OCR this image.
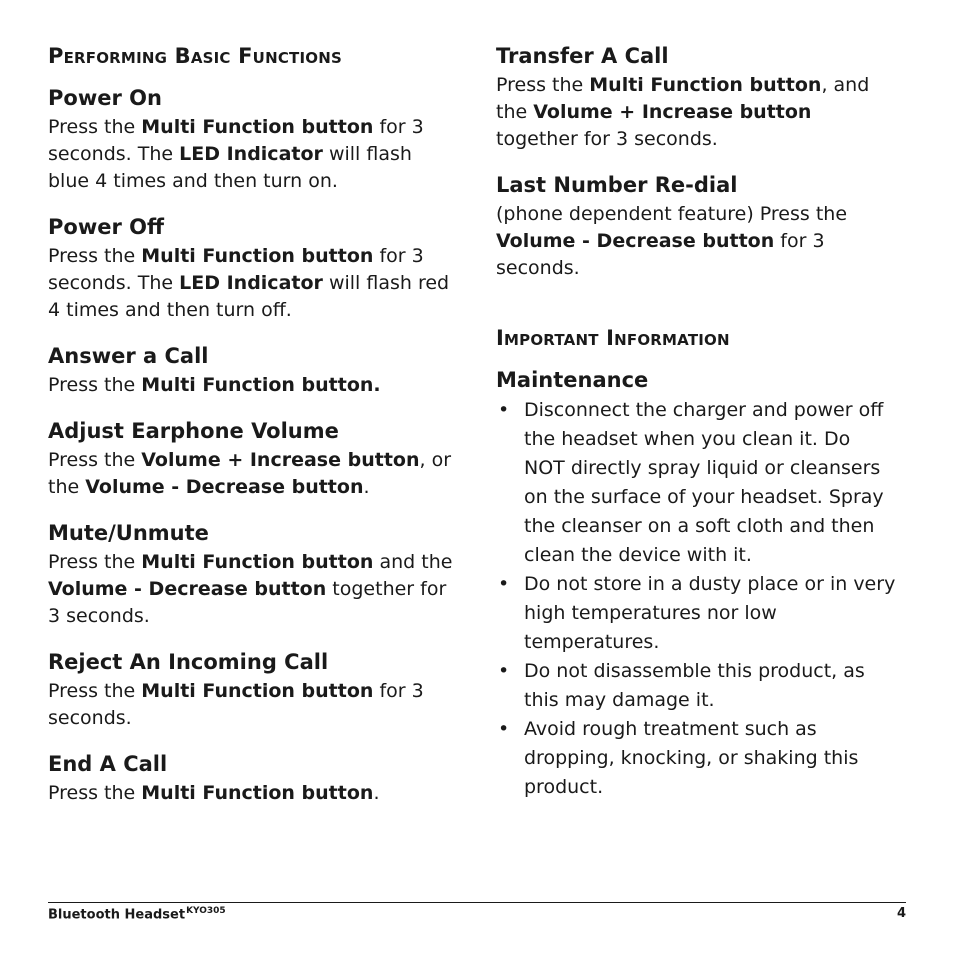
Performing Basic Functions
Power On

Press the Multi Function button for 3 seconds. The LED Indicator will flash blue 4 times and then turn on.

Power Off

Press the Multi Function button for 3 seconds. The LED Indicator will flash red 4 times and then turn off.

Answer a Call

Press the Multi Function button.

Adjust Earphone Volume

Press the Volume + Increase button, or the Volume - Decrease button.

Mute/Unmute

Press the Multi Function button and the Volume - Decrease button together for 3 seconds.

Reject An Incoming Call

Press the Multi Function button for 3 seconds.

End A Call

Press the Multi Function button.

Transfer A Call

Press the Multi Function button, and the Volume + Increase button together for 3 seconds.

Last Number Re-dial

(phone dependent feature) Press the Volume - Decrease button for 3 seconds.

Important Information
Maintenance
• Disconnect the charger and power off the headset when you clean it. Do NOT directly spray liquid or cleansers on the surface of your headset. Spray the cleanser on a soft cloth and then clean the device with it.
• Do not store in a dusty place or in very high temperatures nor low temperatures.
• Do not disassemble this product, as this may damage it.
• Avoid rough treatment such as dropping, knocking, or shaking this product.
Bluetooth Headset$^{KYO305}$	4
